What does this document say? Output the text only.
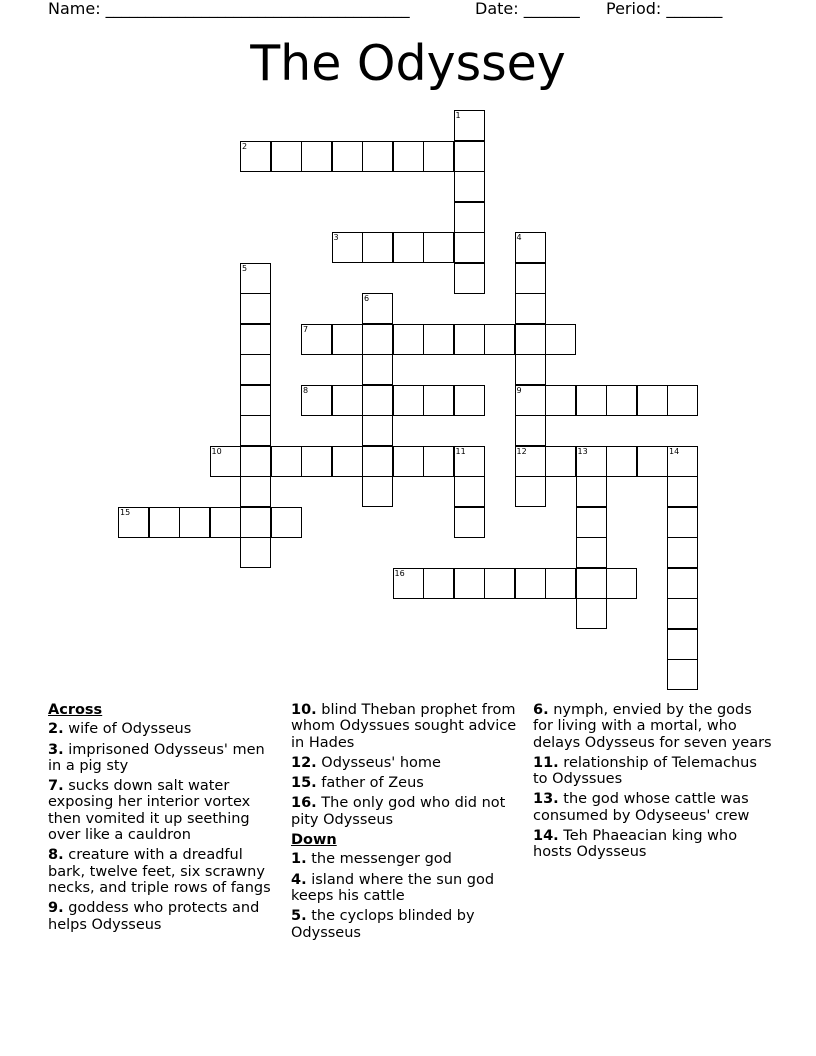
Name: ______________________________________	Date: _______ Period: _______
The Odyssey
2
3
7
8	9
10	11	12	13	14
15
16
1
4
5
6
Across
2. wife of Odysseus
3. imprisoned Odysseus' men in a pig sty
7. sucks down salt water exposing her interior vortex then vomited it up seething over like a cauldron
8. creature with a dreadful bark, twelve feet, six scrawny necks, and triple rows of fangs
9. goddess who protects and helps Odysseus
10. blind Theban prophet from whom Odyssues sought advice in Hades
12. Odysseus' home
15. father of Zeus
16. The only god who did not pity Odysseus
Down
1. the messenger god
4. island where the sun god keeps his cattle
5. the cyclops blinded by Odysseus
6. nymph, envied by the gods for living with a mortal, who delays Odysseus for seven years
11. relationship of Telemachus to Odyssues
13. the god whose cattle was consumed by Odyseeus' crew
14. Teh Phaeacian king who hosts Odysseus
